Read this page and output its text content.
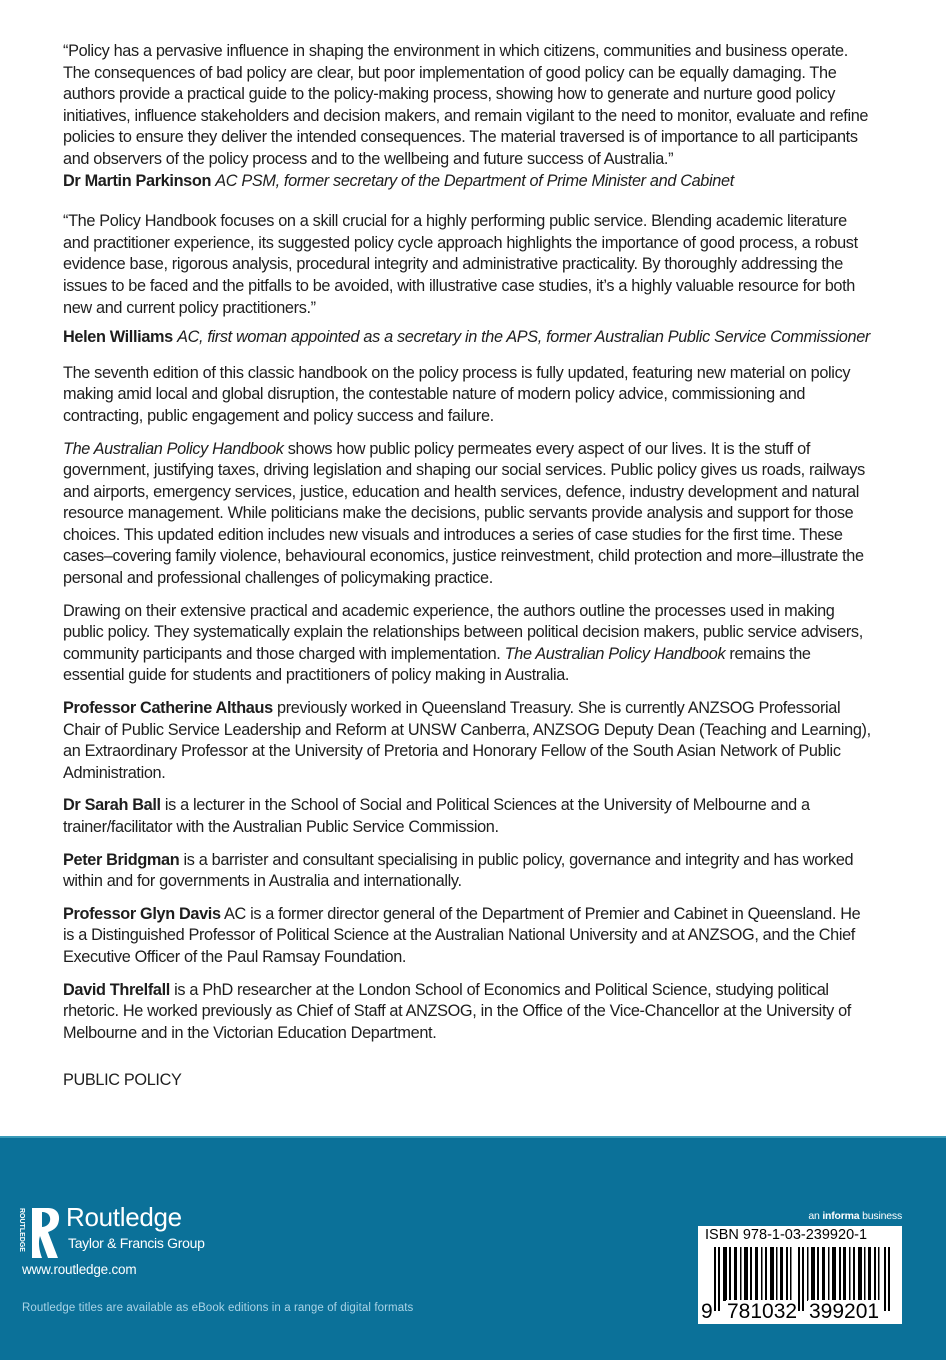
“Policy has a pervasive influence in shaping the environment in which citizens, communities and business operate. The consequences of bad policy are clear, but poor implementation of good policy can be equally damaging. The authors provide a practical guide to the policy-making process, showing how to generate and nurture good policy initiatives, influence stakeholders and decision makers, and remain vigilant to the need to monitor, evaluate and refine policies to ensure they deliver the intended consequences. The material traversed is of importance to all participants and observers of the policy process and to the wellbeing and future success of Australia.”

Dr Martin Parkinson AC PSM, former secretary of the Department of Prime Minister and Cabinet

“The Policy Handbook focuses on a skill crucial for a highly performing public service. Blending academic literature and practitioner experience, its suggested policy cycle approach highlights the importance of good process, a robust evidence base, rigorous analysis, procedural integrity and administrative practicality. By thoroughly addressing the issues to be faced and the pitfalls to be avoided, with illustrative case studies, it’s a highly valuable resource for both new and current policy practitioners.”

Helen Williams AC, first woman appointed as a secretary in the APS, former Australian Public Service Commissioner

The seventh edition of this classic handbook on the policy process is fully updated, featuring new material on policy making amid local and global disruption, the contestable nature of modern policy advice, commissioning and contracting, public engagement and policy success and failure.

The Australian Policy Handbook shows how public policy permeates every aspect of our lives. It is the stuff of government, justifying taxes, driving legislation and shaping our social services. Public policy gives us roads, railways and airports, emergency services, justice, education and health services, defence, industry development and natural resource management. While politicians make the decisions, public servants provide analysis and support for those choices. This updated edition includes new visuals and introduces a series of case studies for the first time. These cases–covering family violence, behavioural economics, justice reinvestment, child protection and more–illustrate the personal and professional challenges of policymaking practice.

Drawing on their extensive practical and academic experience, the authors outline the processes used in making public policy. They systematically explain the relationships between political decision makers, public service advisers, community participants and those charged with implementation. The Australian Policy Handbook remains the essential guide for students and practitioners of policy making in Australia.

Professor Catherine Althaus previously worked in Queensland Treasury. She is currently ANZSOG Professorial Chair of Public Service Leadership and Reform at UNSW Canberra, ANZSOG Deputy Dean (Teaching and Learning), an Extraordinary Professor at the University of Pretoria and Honorary Fellow of the South Asian Network of Public Administration.

Dr Sarah Ball is a lecturer in the School of Social and Political Sciences at the University of Melbourne and a trainer/facilitator with the Australian Public Service Commission.

Peter Bridgman is a barrister and consultant specialising in public policy, governance and integrity and has worked within and for governments in Australia and internationally.

Professor Glyn Davis AC is a former director general of the Department of Premier and Cabinet in Queensland. He is a Distinguished Professor of Political Science at the Australian National University and at ANZSOG, and the Chief Executive Officer of the Paul Ramsay Foundation.

David Threlfall is a PhD researcher at the London School of Economics and Political Science, studying political rhetoric. He worked previously as Chief of Staff at ANZSOG, in the Office of the Vice-Chancellor at the University of Melbourne and in the Victorian Education Department.

PUBLIC POLICY

ROUTLEDGE Routledge
Taylor & Francis Group
www.routledge.com
Routledge titles are available as eBook editions in a range of digital formats
an informa business
ISBN 978-1-03-239920-1
9 781032 399201
